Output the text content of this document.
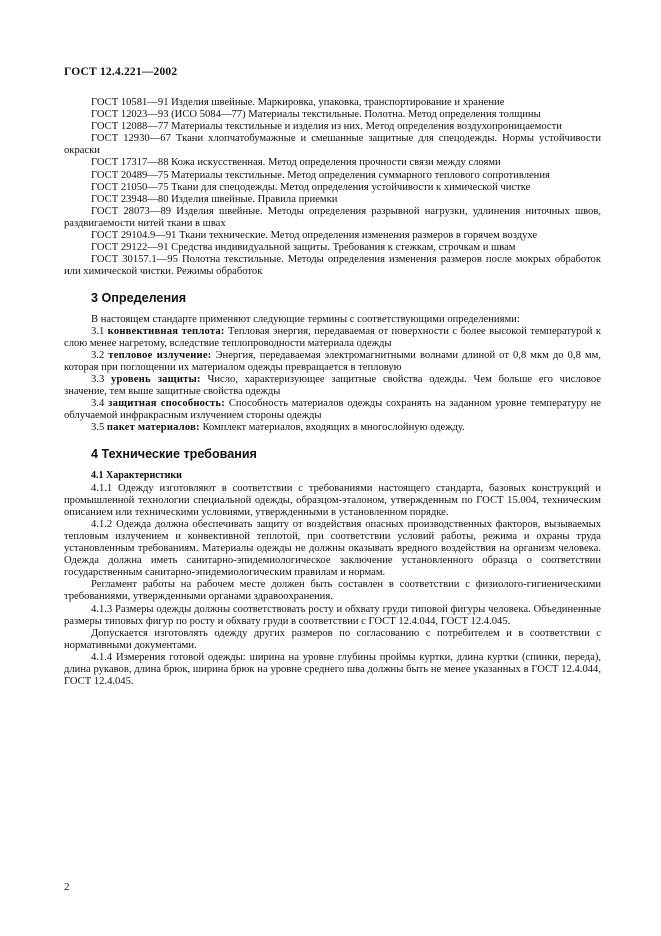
ГОСТ 12.4.221—2002

ГОСТ 10581—91 Изделия швейные. Маркировка, упаковка, транспортирование и хранение

ГОСТ 12023—93 (ИСО 5084—77) Материалы текстильные. Полотна. Метод определения толщины

ГОСТ 12088—77 Материалы текстильные и изделия из них. Метод определения воздухопроницаемости

ГОСТ 12930—67 Ткани хлопчатобумажные и смешанные защитные для спецодежды. Нормы устойчивости окраски

ГОСТ 17317—88 Кожа искусственная. Метод определения прочности связи между слоями

ГОСТ 20489—75 Материалы текстильные. Метод определения суммарного теплового сопротивления

ГОСТ 21050—75 Ткани для спецодежды. Метод определения устойчивости к химической чистке

ГОСТ 23948—80 Изделия швейные. Правила приемки

ГОСТ 28073—89 Изделия швейные. Методы определения разрывной нагрузки, удлинения ниточных швов, раздвигаемости нитей ткани в швах

ГОСТ 29104.9—91 Ткани технические. Метод определения изменения размеров в горячем воздухе

ГОСТ 29122—91 Средства индивидуальной защиты. Требования к стежкам, строчкам и швам

ГОСТ 30157.1—95 Полотна текстильные. Методы определения изменения размеров после мокрых обработок или химической чистки. Режимы обработок

3 Определения

В настоящем стандарте применяют следующие термины с соответствующими определениями:

3.1 конвективная теплота: Тепловая энергия, передаваемая от поверхности с более высокой температурой к слою менее нагретому, вследствие теплопроводности материала одежды

3.2 тепловое излучение: Энергия, передаваемая электромагнитными волнами длиной от 0,8 мкм до 0,8 мм, которая при поглощении их материалом одежды превращается в тепловую

3.3 уровень защиты: Число, характеризующее защитные свойства одежды. Чем больше его числовое значение, тем выше защитные свойства одежды

3.4 защитная способность: Способность материалов одежды сохранять на заданном уровне температуру не облучаемой инфракрасным излучением стороны одежды

3.5 пакет материалов: Комплект материалов, входящих в многослойную одежду.

4 Технические требования
4.1 Характеристики

4.1.1 Одежду изготовляют в соответствии с требованиями настоящего стандарта, базовых конструкций и промышленной технологии специальной одежды, образцом-эталоном, утвержденным по ГОСТ 15.004, техническим описанием или техническими условиями, утвержденными в установленном порядке.

4.1.2 Одежда должна обеспечивать защиту от воздействия опасных производственных факторов, вызываемых тепловым излучением и конвективной теплотой, при соответствии условий работы, режима и охраны труда установленным требованиям. Материалы одежды не должны оказывать вредного воздействия на организм человека. Одежда должна иметь санитарно-эпидемиологическое заключение установленного образца о соответствии государственным санитарно-эпидемиологическим правилам и нормам.

Регламент работы на рабочем месте должен быть составлен в соответствии с физиолого-гигиеническими требованиями, утвержденными органами здравоохранения.

4.1.3 Размеры одежды должны соответствовать росту и обхвату груди типовой фигуры человека. Объединенные размеры типовых фигур по росту и обхвату груди в соответствии с ГОСТ 12.4.044, ГОСТ 12.4.045.

Допускается изготовлять одежду других размеров по согласованию с потребителем и в соответствии с нормативными документами.

4.1.4 Измерения готовой одежды: ширина на уровне глубины проймы куртки, длина куртки (спинки, переда), длина рукавов, длина брюк, ширина брюк на уровне среднего шва должны быть не менее указанных в ГОСТ 12.4.044, ГОСТ 12.4.045.

2
